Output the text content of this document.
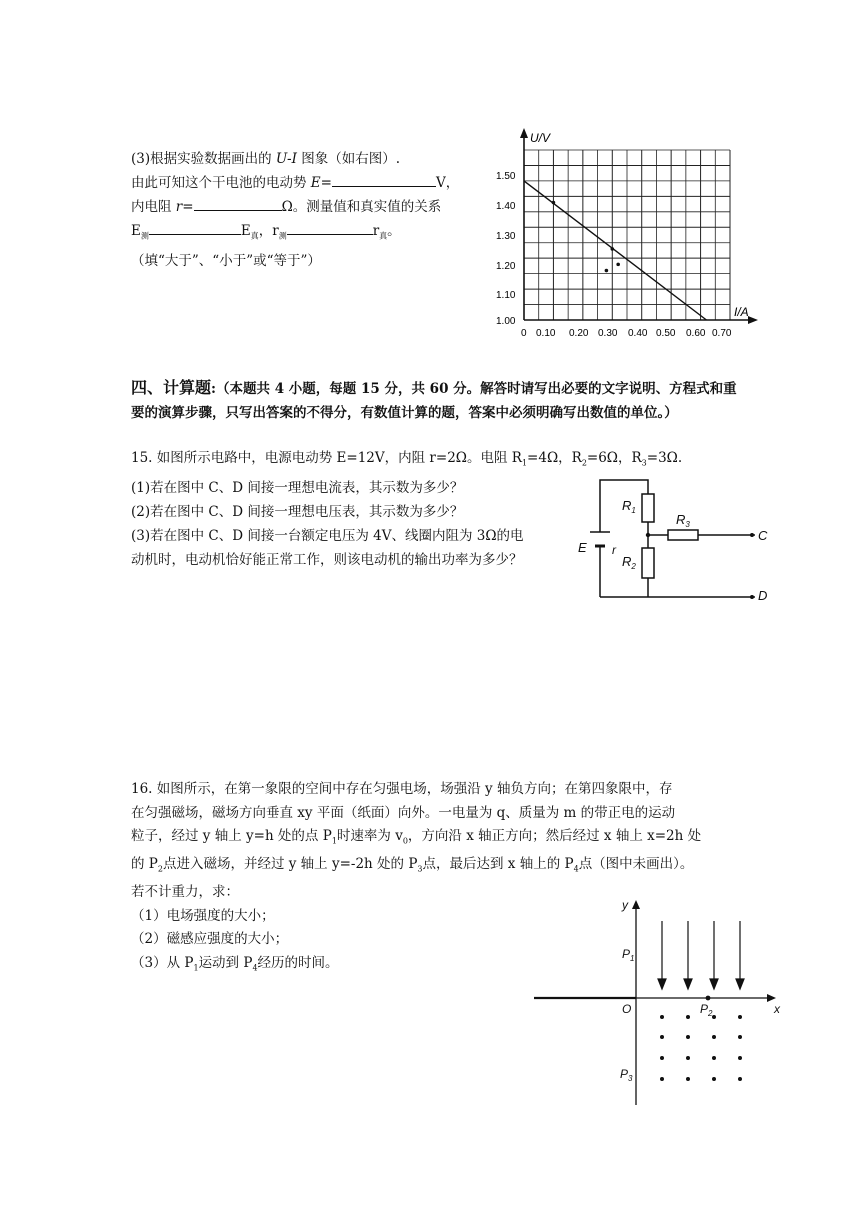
(3)根据实验数据画出的 U-I 图象（如右图）.
由此可知这个干电池的电动势 E=	V，
内电阻 r=	Ω。测量值和真实值的关系
$E_测$	$E_真$，$r_测$	$r_真$。
（填“大于”、“小于”或“等于”）
U/V
I/A
0 0.10 0.20 0.30 0.40 0.50 0.60 0.70
1.00
1.10
1.20
1.30
1.40
1.50
四、计算题:（本题共 4 小题，每题 15 分，共 60 分。解答时请写出必要的文字说明、方程式和重要的演算步骤，只写出答案的不得分，有数值计算的题，答案中必须明确写出数值的单位。）
15. 如图所示电路中，电源电动势 E=12V，内阻 r=2Ω。电阻 $R_1=4\Omega$，$R_2=6\Omega$，$R_3=3\Omega$.
(1)若在图中 C、D 间接一理想电流表，其示数为多少？
(2)若在图中 C、D 间接一理想电压表，其示数为多少？
(3)若在图中 C、D 间接一台额定电压为 4V、线圈内阻为 3Ω的电
动机时，电动机恰好能正常工作，则该电动机的输出功率为多少？
$R_1$
$R_2$
$R_3$
E r
C
D
16. 如图所示，在第一象限的空间中存在匀强电场，场强沿 y 轴负方向；在第四象限中，存
在匀强磁场，磁场方向垂直 xy 平面（纸面）向外。一电量为 q、质量为 m 的带正电的运动
粒子，经过 y 轴上 y=h 处的点 $P_1$时速率为 $v_0$，方向沿 x 轴正方向；然后经过 x 轴上 x=2h 处
的 $P_2$点进入磁场，并经过 y 轴上 y=-2h 处的 $P_3$点，最后达到 x 轴上的 $P_4$点（图中未画出）。
若不计重力，求：
（1）电场强度的大小；
（2）磁感应强度的大小；
（3）从 $P_1$运动到 $P_4$经历的时间。
y
x
O
$P_1$
$P_2$
$P_3$
